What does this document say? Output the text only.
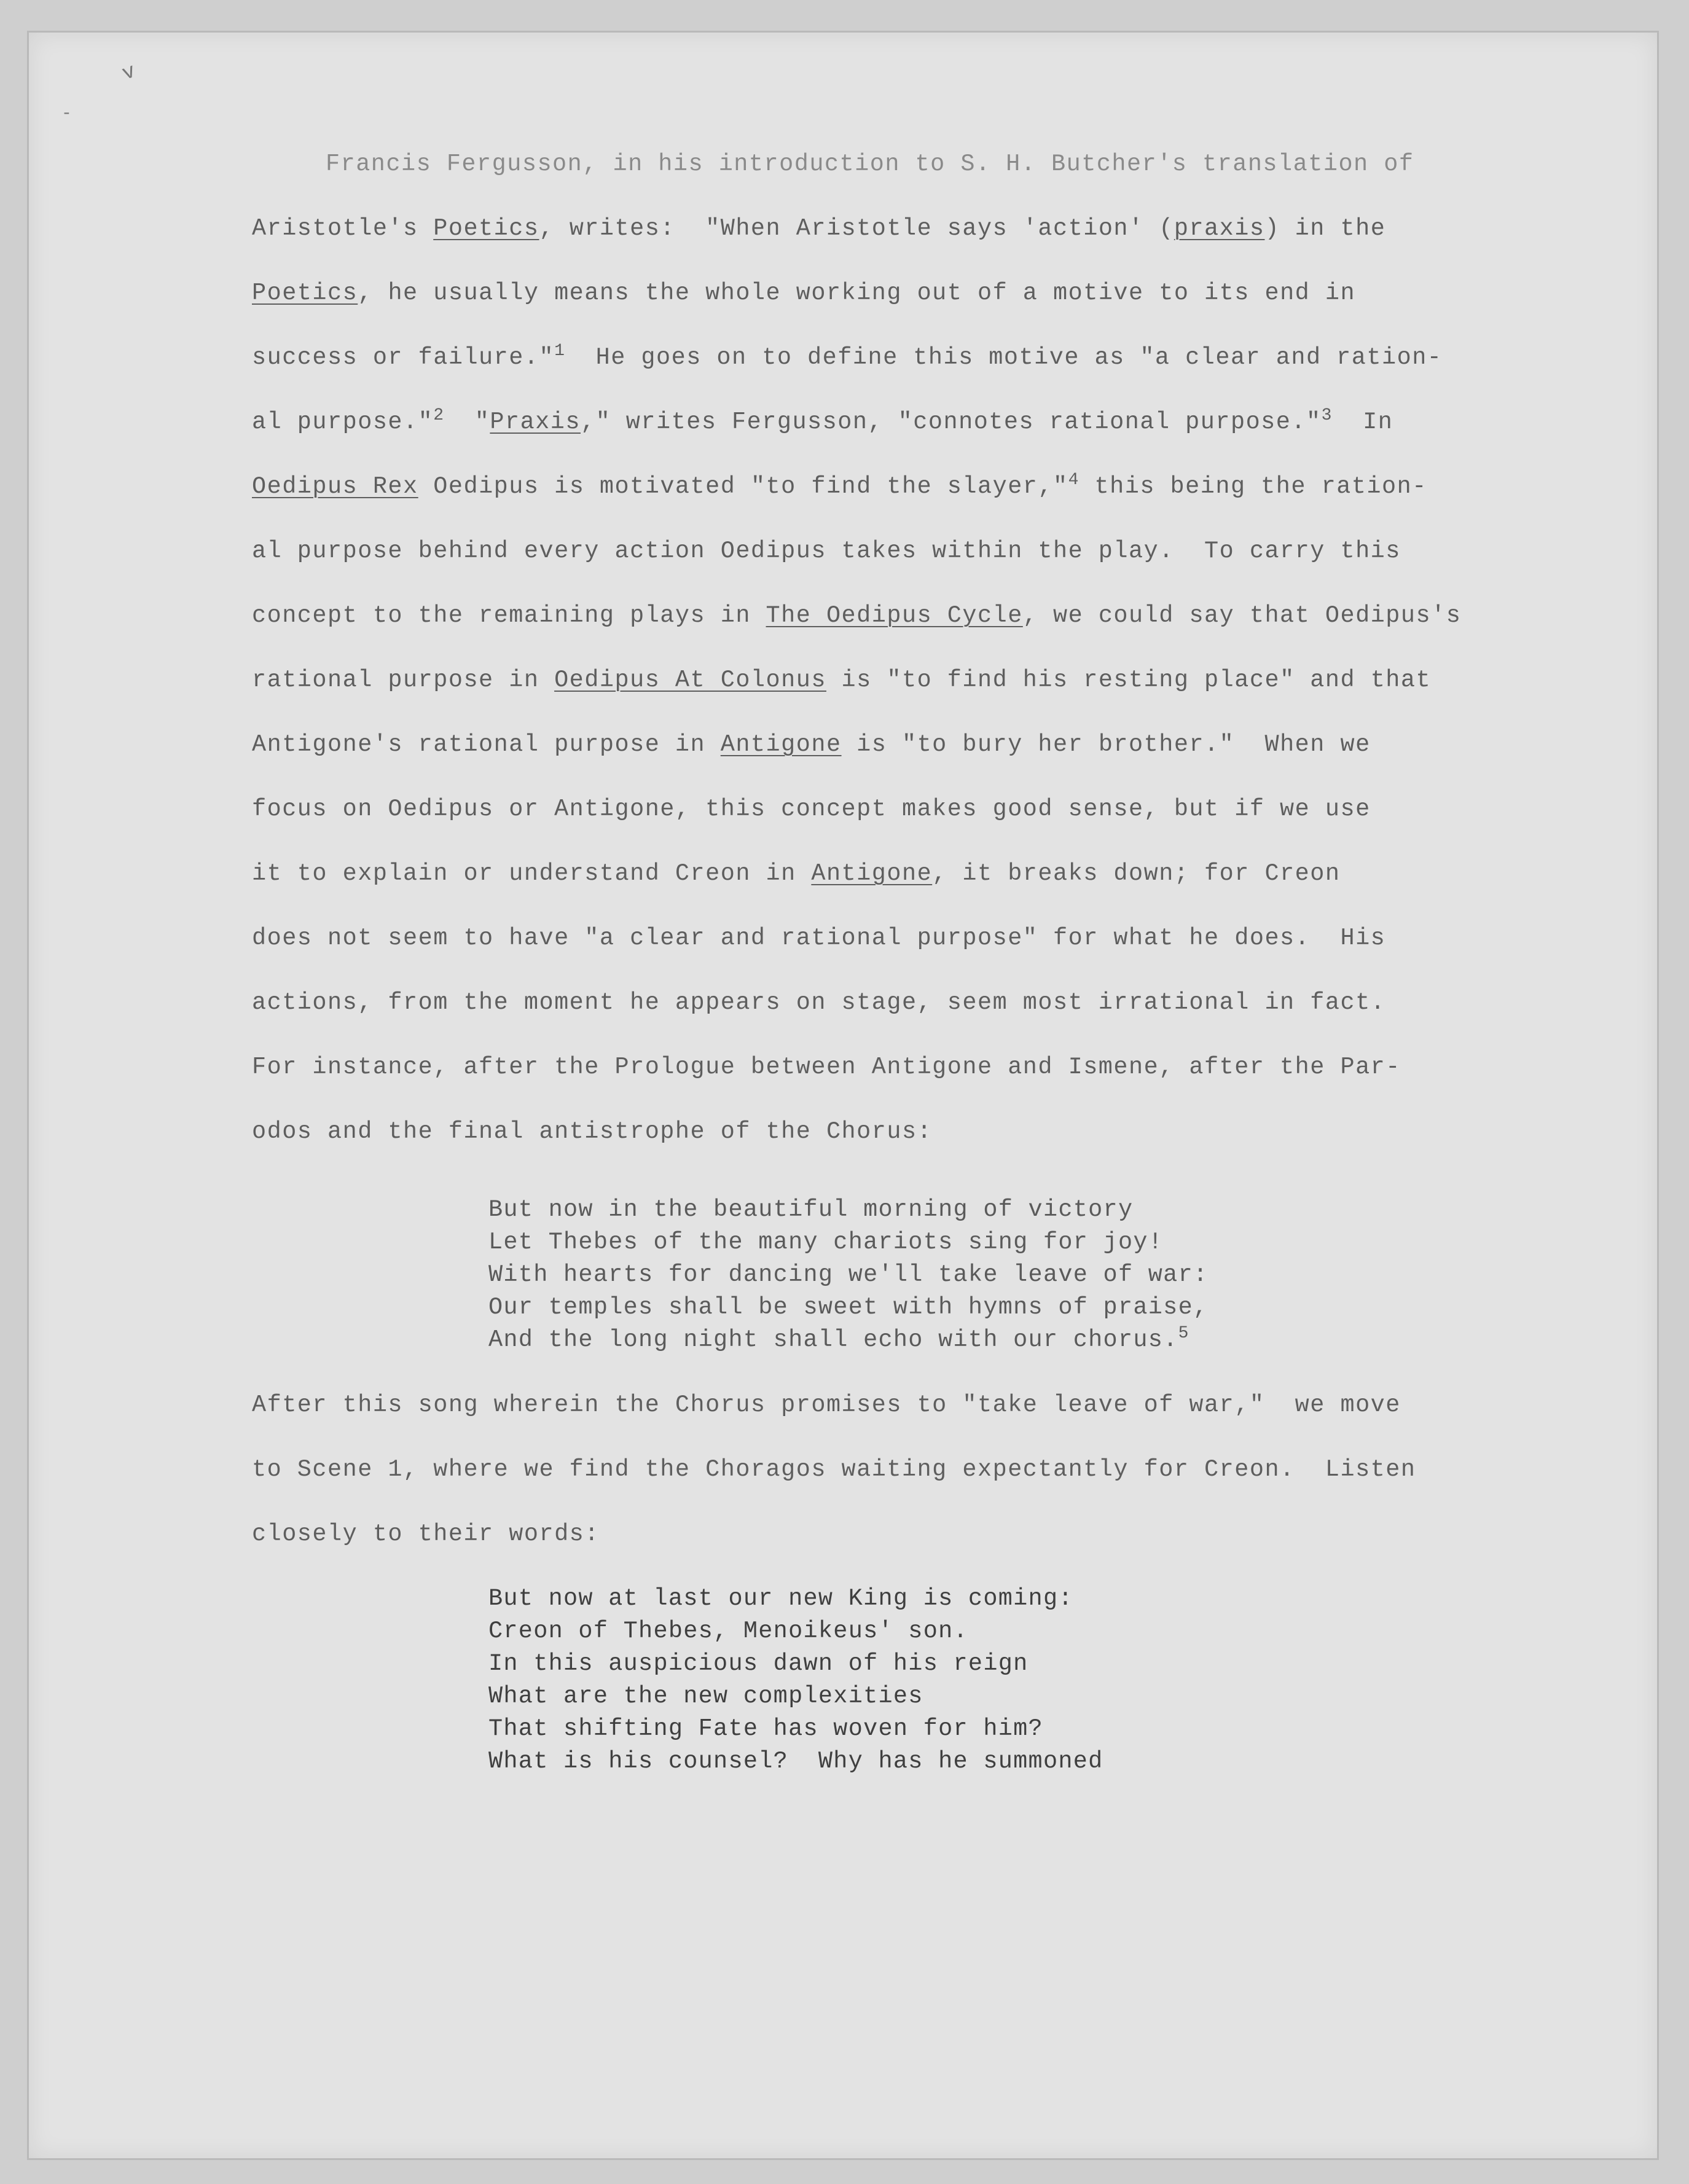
v
-
Francis Fergusson, in his introduction to S. H. Butcher's translation of
Aristotle's Poetics, writes:  "When Aristotle says 'action' (praxis) in the
Poetics, he usually means the whole working out of a motive to its end in
success or failure."$^1$  He goes on to define this motive as "a clear and ration-
al purpose."$^2$  "Praxis," writes Fergusson, "connotes rational purpose."$^3$  In
Oedipus Rex Oedipus is motivated "to find the slayer,"$^4$ this being the ration-
al purpose behind every action Oedipus takes within the play.  To carry this
concept to the remaining plays in The Oedipus Cycle, we could say that Oedipus's
rational purpose in Oedipus At Colonus is "to find his resting place" and that
Antigone's rational purpose in Antigone is "to bury her brother."  When we
focus on Oedipus or Antigone, this concept makes good sense, but if we use
it to explain or understand Creon in Antigone, it breaks down; for Creon
does not seem to have "a clear and rational purpose" for what he does.  His
actions, from the moment he appears on stage, seem most irrational in fact.
For instance, after the Prologue between Antigone and Ismene, after the Par-
odos and the final antistrophe of the Chorus:
But now in the beautiful morning of victory
Let Thebes of the many chariots sing for joy!
With hearts for dancing we'll take leave of war:
Our temples shall be sweet with hymns of praise,
And the long night shall echo with our chorus.$^5$
After this song wherein the Chorus promises to "take leave of war,"  we move
to Scene 1, where we find the Choragos waiting expectantly for Creon.  Listen
closely to their words:
But now at last our new King is coming:
Creon of Thebes, Menoikeus' son.
In this auspicious dawn of his reign
What are the new complexities
That shifting Fate has woven for him?
What is his counsel?  Why has he summoned
